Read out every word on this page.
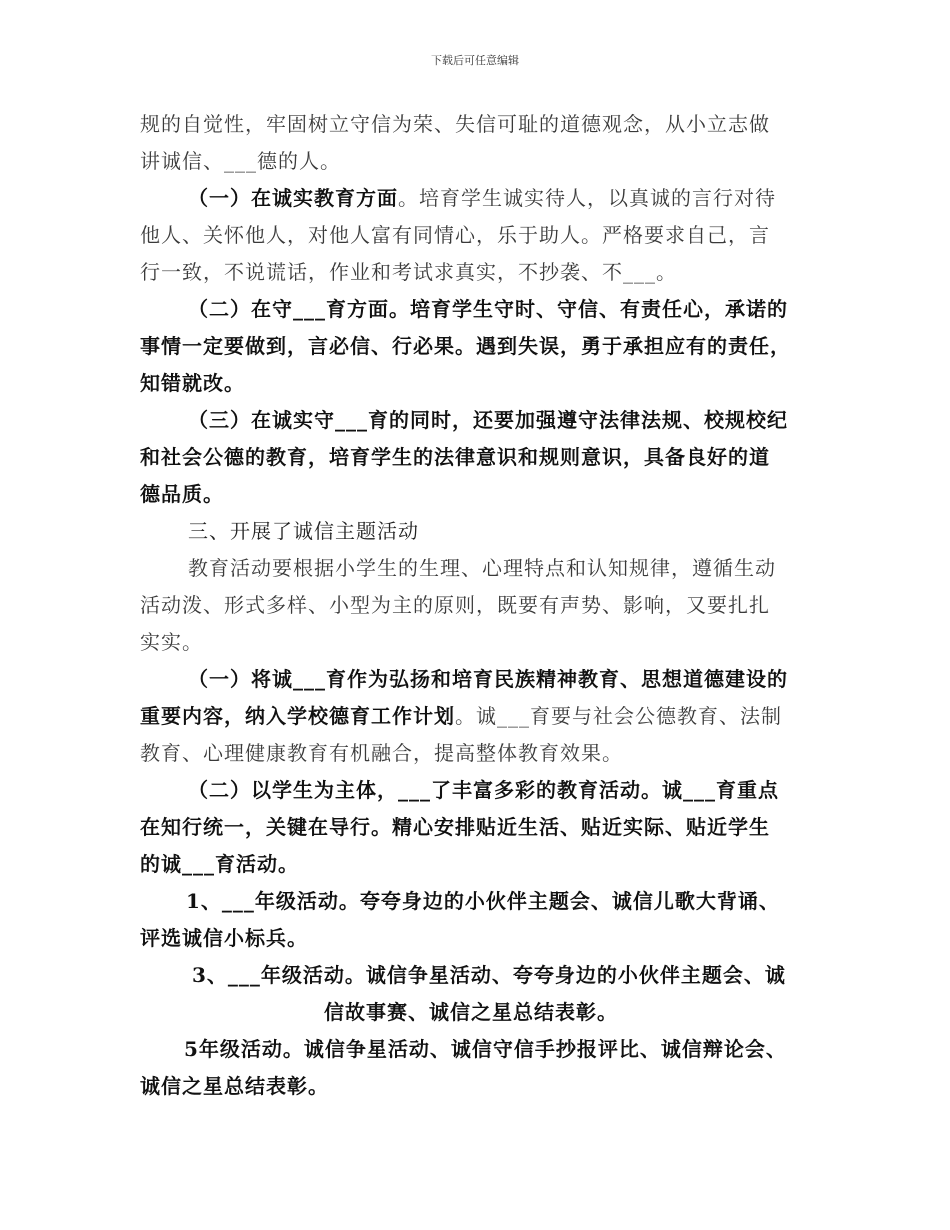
下载后可任意编辑
规的自觉性，牢固树立守信为荣、失信可耻的道德观念，从小立志做
讲诚信、___德的人。
（一）在诚实教育方面。培育学生诚实待人，以真诚的言行对待
他人、关怀他人，对他人富有同情心，乐于助人。严格要求自己，言
行一致，不说谎话，作业和考试求真实，不抄袭、不___。
（二）在守___育方面。培育学生守时、守信、有责任心，承诺的
事情一定要做到，言必信、行必果。遇到失误，勇于承担应有的责任，
知错就改。
（三）在诚实守___育的同时，还要加强遵守法律法规、校规校纪
和社会公德的教育，培育学生的法律意识和规则意识，具备良好的道
德品质。
三、开展了诚信主题活动
教育活动要根据小学生的生理、心理特点和认知规律，遵循生动
活动泼、形式多样、小型为主的原则，既要有声势、影响，又要扎扎
实实。
（一）将诚___育作为弘扬和培育民族精神教育、思想道德建设的
重要内容，纳入学校德育工作计划。诚___育要与社会公德教育、法制
教育、心理健康教育有机融合，提高整体教育效果。
（二）以学生为主体，___了丰富多彩的教育活动。诚___育重点
在知行统一，关键在导行。精心安排贴近生活、贴近实际、贴近学生
的诚___育活动。
1、___年级活动。夸夸身边的小伙伴主题会、诚信儿歌大背诵、
评选诚信小标兵。
3、___年级活动。诚信争星活动、夸夸身边的小伙伴主题会、诚
信故事赛、诚信之星总结表彰。
5年级活动。诚信争星活动、诚信守信手抄报评比、诚信辩论会、
诚信之星总结表彰。
